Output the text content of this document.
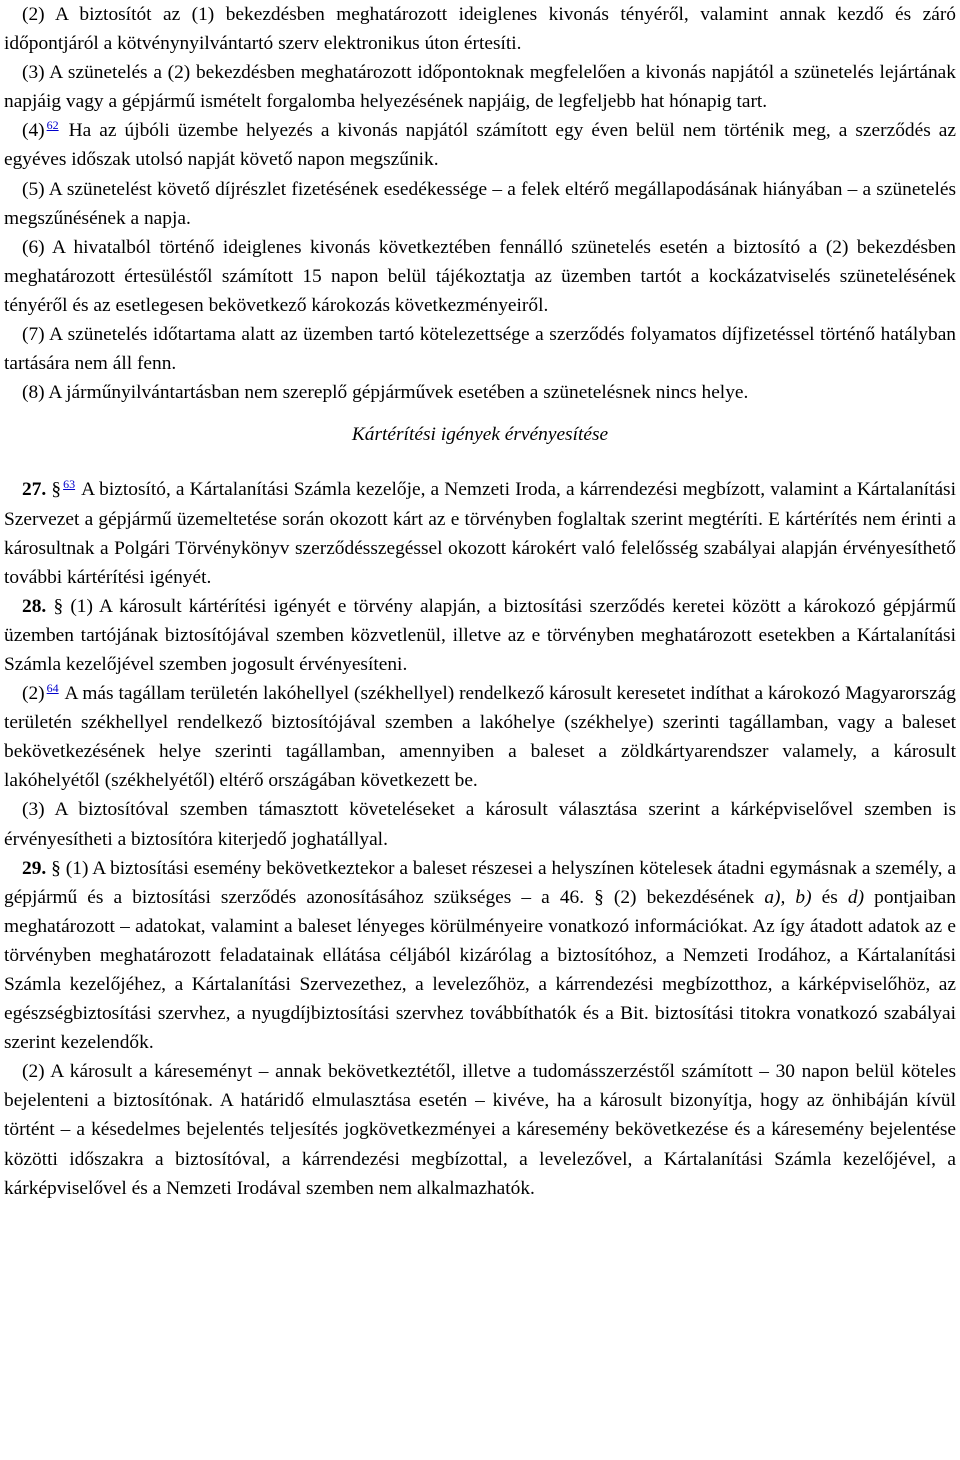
(2) A biztosítót az (1) bekezdésben meghatározott ideiglenes kivonás tényéről, valamint annak kezdő és záró időpontjáról a kötvénynyilvántartó szerv elektronikus úton értesíti.

(3) A szünetelés a (2) bekezdésben meghatározott időpontoknak megfelelően a kivonás napjától a szünetelés lejártának napjáig vagy a gépjármű ismételt forgalomba helyezésének napjáig, de legfeljebb hat hónapig tart.

(4) $^{62}$ Ha az újbóli üzembe helyezés a kivonás napjától számított egy éven belül nem történik meg, a szerződés az egyéves időszak utolsó napját követő napon megszűnik.

(5) A szünetelést követő díjrészlet fizetésének esedékessége – a felek eltérő megállapodásának hiányában – a szünetelés megszűnésének a napja.

(6) A hivatalból történő ideiglenes kivonás következtében fennálló szünetelés esetén a biztosító a (2) bekezdésben meghatározott értesüléstől számított 15 napon belül tájékoztatja az üzemben tartót a kockázatviselés szünetelésének tényéről és az esetlegesen bekövetkező károkozás következményeiről.

(7) A szünetelés időtartama alatt az üzemben tartó kötelezettsége a szerződés folyamatos díjfizetéssel történő hatályban tartására nem áll fenn.

(8) A járműnyilvántartásban nem szereplő gépjárművek esetében a szünetelésnek nincs helye.

Kártérítési igények érvényesítése

27. § $^{63}$ A biztosító, a Kártalanítási Számla kezelője, a Nemzeti Iroda, a kárrendezési megbízott, valamint a Kártalanítási Szervezet a gépjármű üzemeltetése során okozott kárt az e törvényben foglaltak szerint megtéríti. E kártérítés nem érinti a károsultnak a Polgári Törvénykönyv szerződésszegéssel okozott károkért való felelősség szabályai alapján érvényesíthető további kártérítési igényét.

28. § (1) A károsult kártérítési igényét e törvény alapján, a biztosítási szerződés keretei között a károkozó gépjármű üzemben tartójának biztosítójával szemben közvetlenül, illetve az e törvényben meghatározott esetekben a Kártalanítási Számla kezelőjével szemben jogosult érvényesíteni.

(2) $^{64}$ A más tagállam területén lakóhellyel (székhellyel) rendelkező károsult keresetet indíthat a károkozó Magyarország területén székhellyel rendelkező biztosítójával szemben a lakóhelye (székhelye) szerinti tagállamban, vagy a baleset bekövetkezésének helye szerinti tagállamban, amennyiben a baleset a zöldkártyarendszer valamely, a károsult lakóhelyétől (székhelyétől) eltérő országában következett be.

(3) A biztosítóval szemben támasztott követeléseket a károsult választása szerint a kárképviselővel szemben is érvényesítheti a biztosítóra kiterjedő joghatállyal.

29. § (1) A biztosítási esemény bekövetkeztekor a baleset részesei a helyszínen kötelesek átadni egymásnak a személy, a gépjármű és a biztosítási szerződés azonosításához szükséges – a 46. § (2) bekezdésének a), b) és d) pontjaiban meghatározott – adatokat, valamint a baleset lényeges körülményeire vonatkozó információkat. Az így átadott adatok az e törvényben meghatározott feladatainak ellátása céljából kizárólag a biztosítóhoz, a Nemzeti Irodához, a Kártalanítási Számla kezelőjéhez, a Kártalanítási Szervezethez, a levelezőhöz, a kárrendezési megbízotthoz, a kárképviselőhöz, az egészségbiztosítási szervhez, a nyugdíjbiztosítási szervhez továbbíthatók és a Bit. biztosítási titokra vonatkozó szabályai szerint kezelendők.

(2) A károsult a káreseményt – annak bekövetkeztétől, illetve a tudomásszerzéstől számított – 30 napon belül köteles bejelenteni a biztosítónak. A határidő elmulasztása esetén – kivéve, ha a károsult bizonyítja, hogy az önhibáján kívül történt – a késedelmes bejelentés teljesítés jogkövetkezményei a káresemény bekövetkezése és a káresemény bejelentése közötti időszakra a biztosítóval, a kárrendezési megbízottal, a levelezővel, a Kártalanítási Számla kezelőjével, a kárképviselővel és a Nemzeti Irodával szemben nem alkalmazhatók.
